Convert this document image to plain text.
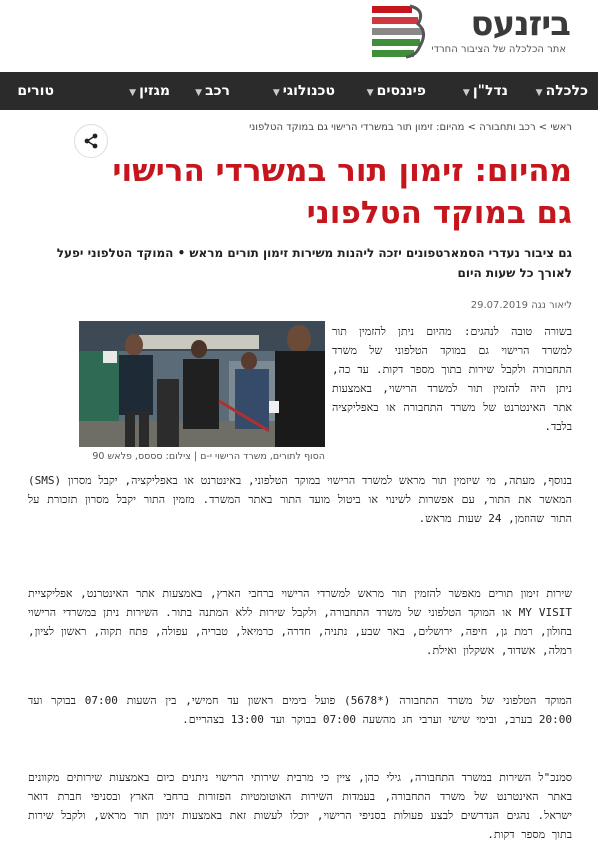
ביזנעס
אתר הכלכלה של הציבור החרדי
כלכלה▼
נדל"ן▼
פיננסים▼
טכנולוגי▼
רכב▼
מגזין▼
טורים
ראשי > רכב ותחבורה > מהיום: זימון תור במשרדי הרישוי גם במוקד הטלפוני
מהיום: זימון תור במשרדי הרישוי גם במוקד הטלפוני
גם ציבור נעדרי הסמארטפונים יזכה ליהנות משירות זימון תורים מראש • המוקד הטלפוני יפעל לאורך כל שעות היום
ליאור נגה 29.07.2019
הסוף לתורים, משרד הרישוי י-ם | צילום: סססס, פלאש 90

בשורה טובה לנהגים: מהיום ניתן להזמין תור למשרד הרישוי גם במוקד הטלפוני של משרד התחבורה ולקבל שירות בתוך מספר דקות. עד כה, ניתן היה להזמין תור למשרד הרישוי, באמצעות אתר האינטרנט של משרד התחבורה או באפליקציה בלבד.

בנוסף, מעתה, מי שיזמין תור מראש למשרד הרישוי במוקד הטלפוני, באינטרנט או באפליקציה, יקבל מסרון (SMS) המאשר את התור, עם אפשרות לשינוי או ביטול מועד התור באתר המשרד. מזמין התור יקבל מסרון תזכורת על התור שהוזמן, 24 שעות מראש.

שירות זימון תורים מאפשר להזמין תור מראש למשרדי הרישוי ברחבי הארץ, באמצעות אתר האינטרנט, אפליקציית MY VISIT או המוקד הטלפוני של משרד התחבורה, ולקבל שירות ללא המתנה בתור. השירות ניתן במשרדי הרישוי בחולון, רמת גן, חיפה, ירושלים, באר שבע, נתניה, חדרה, כרמיאל, טבריה, עפולה, פתח תקוה, ראשון לציון, רמלה, אשדוד, אשקלון ואילת.

המוקד הטלפוני של משרד התחבורה (*5678) פועל בימים ראשון עד חמישי, בין השעות 07:00 בבוקר ועד 20:00 בערב, ובימי שישי וערבי חג מהשעה 07:00 בבוקר ועד 13:00 בצהריים.

סמנכ"ל השירות במשרד התחבורה, גילי כהן, ציין כי מרבית שירותי הרישוי ניתנים כיום באמצעות שירותים מקוונים באתר האינטרנט של משרד התחבורה, בעמדות השירות האוטומטיות הפזורות ברחבי הארץ ובסניפי חברת דואר ישראל. נהגים הנדרשים לבצע פעולות בסניפי הרישוי, יוכלו לעשות זאת באמצעות זימון תור מראש, ולקבל שירות בתוך מספר דקות.
